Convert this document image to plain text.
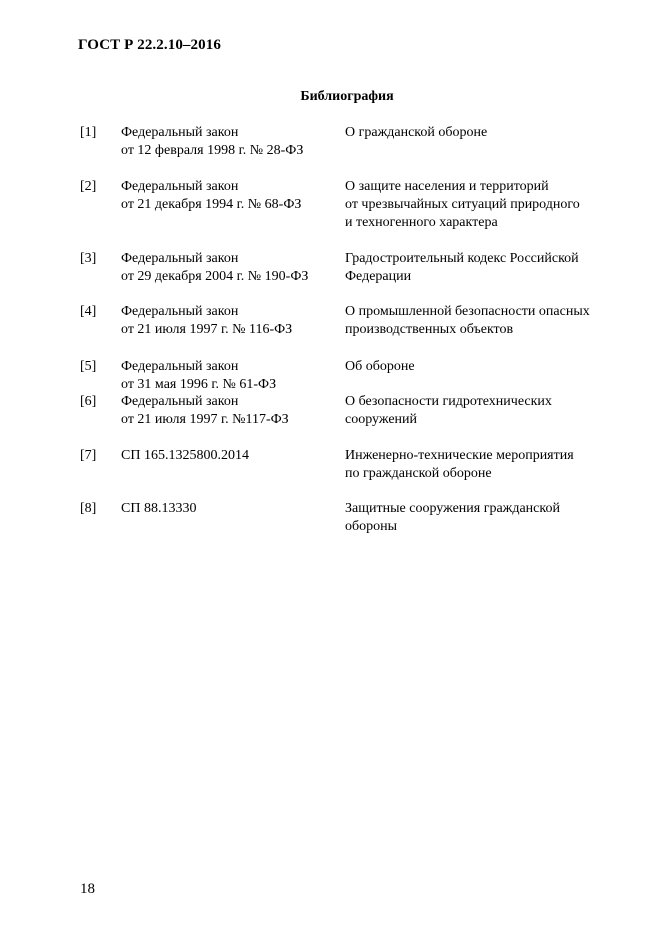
ГОСТ Р 22.2.10–2016
Библиография
[1] Федеральный закон
от 12 февраля 1998 г. № 28-ФЗ
О гражданской обороне
[2] Федеральный закон
от 21 декабря 1994 г. № 68-ФЗ
О защите населения и территорий
от чрезвычайных ситуаций природного
и техногенного характера
[3] Федеральный закон
от 29 декабря 2004 г. № 190-ФЗ
Градостроительный кодекс Российской
Федерации
[4] Федеральный закон
от 21 июля 1997 г. № 116-ФЗ
О промышленной безопасности опасных
производственных объектов
[5] Федеральный закон
от 31 мая 1996 г. № 61-ФЗ
Об обороне
[6] Федеральный закон
от 21 июля 1997 г. №117-ФЗ
О безопасности гидротехнических
сооружений
[7] СП 165.1325800.2014	Инженерно-технические мероприятия
по гражданской обороне
[8] СП 88.13330	Защитные сооружения гражданской
обороны
18
